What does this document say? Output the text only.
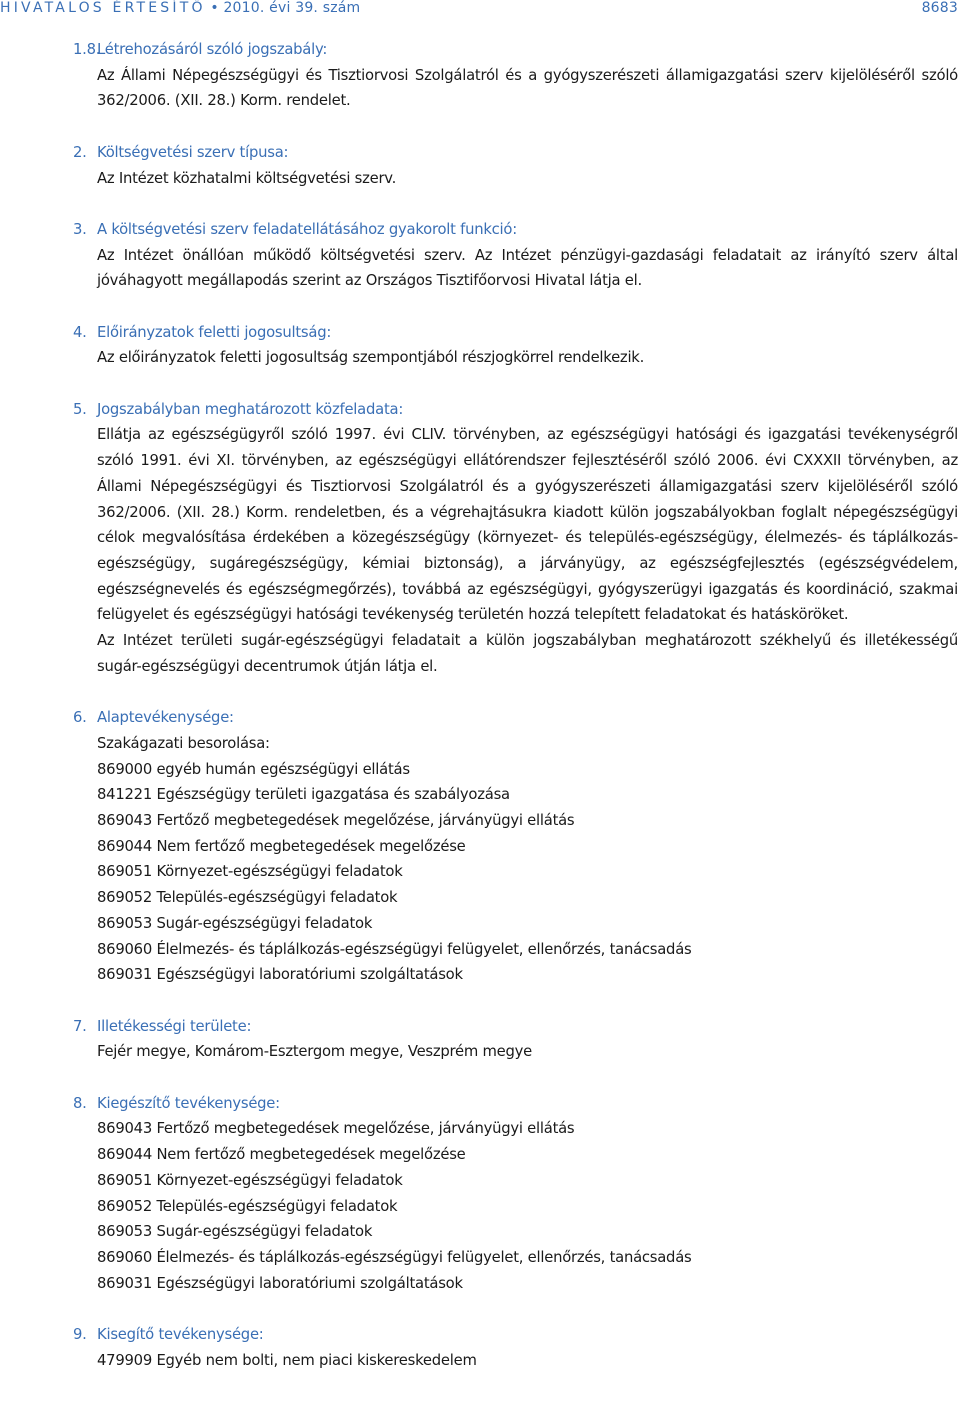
HIVATALOS ÉRTESÍTŐ • 2010. évi 39. szám	8683
1.8.
Létrehozásáról szóló jogszabály:
Az Állami Népegészségügyi és Tisztiorvosi Szolgálatról és a gyógyszerészeti államigazgatási szerv kijelöléséről szóló 362/2006. (XII. 28.) Korm. rendelet.
2. Költségvetési szerv típusa:
Az Intézet közhatalmi költségvetési szerv.
3. A költségvetési szerv feladatellátásához gyakorolt funkció:
Az Intézet önállóan működő költségvetési szerv. Az Intézet pénzügyi-gazdasági feladatait az irányító szerv által jóváhagyott megállapodás szerint az Országos Tisztifőorvosi Hivatal látja el.
4. Előirányzatok feletti jogosultság:
Az előirányzatok feletti jogosultság szempontjából részjogkörrel rendelkezik.
5. Jogszabályban meghatározott közfeladata:
Ellátja az egészségügyről szóló 1997. évi CLIV. törvényben, az egészségügyi hatósági és igazgatási tevékenységről szóló 1991. évi XI. törvényben, az egészségügyi ellátórendszer fejlesztéséről szóló 2006. évi CXXXII törvényben, az Állami Népegészségügyi és Tisztiorvosi Szolgálatról és a gyógyszerészeti államigazgatási szerv kijelöléséről szóló 362/2006. (XII. 28.) Korm. rendeletben, és a végrehajtásukra kiadott külön jogszabályokban foglalt népegészségügyi célok megvalósítása érdekében a közegészségügy (környezet- és település-egészségügy, élelmezés- és táplálkozás-egészségügy, sugáregészségügy, kémiai biztonság), a járványügy, az egészségfejlesztés (egészségvédelem, egészségnevelés és egészségmegőrzés), továbbá az egészségügyi, gyógyszerügyi igazgatás és koordináció, szakmai felügyelet és egészségügyi hatósági tevékenység területén hozzá telepített feladatokat és hatásköröket.
Az Intézet területi sugár-egészségügyi feladatait a külön jogszabályban meghatározott székhelyű és illetékességű sugár-egészségügyi decentrumok útján látja el.
6. Alaptevékenysége:
Szakágazati besorolása:
869000 egyéb humán egészségügyi ellátás
841221 Egészségügy területi igazgatása és szabályozása
869043 Fertőző megbetegedések megelőzése, járványügyi ellátás
869044 Nem fertőző megbetegedések megelőzése
869051 Környezet-egészségügyi feladatok
869052 Település-egészségügyi feladatok
869053 Sugár-egészségügyi feladatok
869060 Élelmezés- és táplálkozás-egészségügyi felügyelet, ellenőrzés, tanácsadás
869031 Egészségügyi laboratóriumi szolgáltatások
7. Illetékességi területe:
Fejér megye, Komárom-Esztergom megye, Veszprém megye
8. Kiegészítő tevékenysége:
869043 Fertőző megbetegedések megelőzése, járványügyi ellátás
869044 Nem fertőző megbetegedések megelőzése
869051 Környezet-egészségügyi feladatok
869052 Település-egészségügyi feladatok
869053 Sugár-egészségügyi feladatok
869060 Élelmezés- és táplálkozás-egészségügyi felügyelet, ellenőrzés, tanácsadás
869031 Egészségügyi laboratóriumi szolgáltatások
9. Kisegítő tevékenysége:
479909 Egyéb nem bolti, nem piaci kiskereskedelem
